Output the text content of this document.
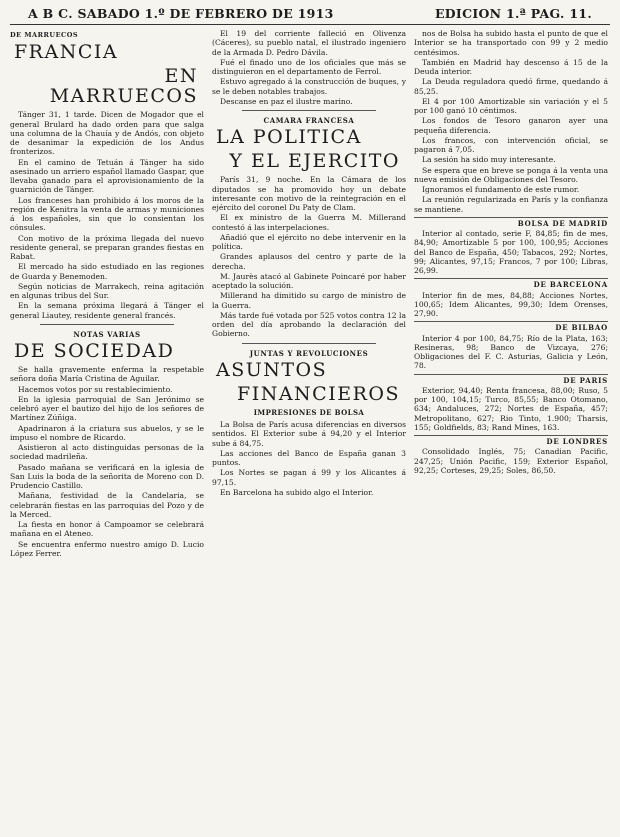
A B C. SABADO 1.º DE FEBRERO DE 1913	EDICION 1.ª PAG. 11.
DE MARRUECOS
FRANCIA
EN MARRUECOS

Tánger 31, 1 tarde. Dicen de Mogador que el general Brulard ha dado orden para que salga una columna de la Chauía y de Andós, con objeto de desanimar la expedición de los Andus fronterizos.

En el camino de Tetuán á Tánger ha sido asesinado un arriero español llamado Gaspar, que llevaba ganado para el aprovisionamiento de la guarnición de Tánger.

Los franceses han prohibido á los moros de la región de Kenitra la venta de armas y municiones á los españoles, sin que lo consientan los cónsules.

Con motivo de la próxima llegada del nuevo residente general, se preparan grandes fiestas en Rabat.

El mercado ha sido estudiado en las regiones de Guarda y Benemoden.

Según noticias de Marrakech, reina agitación en algunas tribus del Sur.

En la semana próxima llegará á Tánger el general Liautey, residente general francés.

NOTAS VARIAS
DE SOCIEDAD

Se halla gravemente enferma la respetable señora doña María Cristina de Aguilar.

Hacemos votos por su restablecimiento.

En la iglesia parroquial de San Jerónimo se celebró ayer el bautizo del hijo de los señores de Martínez Zúñiga.

Apadrinaron á la criatura sus abuelos, y se le impuso el nombre de Ricardo.

Asistieron al acto distinguidas personas de la sociedad madrileña.

Pasado mañana se verificará en la iglesia de San Luis la boda de la señorita de Moreno con D. Prudencio Castillo.

Mañana, festividad de la Candelaria, se celebrarán fiestas en las parroquias del Pozo y de la Merced.

La fiesta en honor á Campoamor se celebrará mañana en el Ateneo.

Se encuentra enfermo nuestro amigo D. Lucio López Ferrer.

El 19 del corriente falleció en Olivenza (Cáceres), su pueblo natal, el ilustrado ingeniero de la Armada D. Pedro Dávila.

Fué el finado uno de los oficiales que más se distinguieron en el departamento de Ferrol.

Estuvo agregado á la construcción de buques, y se le deben notables trabajos.

Descanse en paz el ilustre marino.

CAMARA FRANCESA
LA POLITICA
Y EL EJERCITO

París 31, 9 noche. En la Cámara de los diputados se ha promovido hoy un debate interesante con motivo de la reintegración en el ejército del coronel Du Paty de Clam.

El ex ministro de la Guerra M. Millerand contestó á las interpelaciones.

Añadió que el ejército no debe intervenir en la política.

Grandes aplausos del centro y parte de la derecha.

M. Jaurès atacó al Gabinete Poincaré por haber aceptado la solución.

Millerand ha dimitido su cargo de ministro de la Guerra.

Más tarde fué votada por 525 votos contra 12 la orden del día aprobando la declaración del Gobierno.

JUNTAS Y REVOLUCIONES
ASUNTOS
FINANCIEROS
IMPRESIONES DE BOLSA

La Bolsa de París acusa diferencias en diversos sentidos. El Exterior sube á 94,20 y el Interior sube á 84,75.

Las acciones del Banco de España ganan 3 puntos.

Los Nortes se pagan á 99 y los Alicantes á 97,15.

En Barcelona ha subido algo el Interior.

nos de Bolsa ha subido hasta el punto de que el Interior se ha transportado con 99 y 2 medio centésimos.

También en Madrid hay descenso á 15 de la Deuda interior.

La Deuda reguladora quedó firme, quedando á 85,25.

El 4 por 100 Amortizable sin variación y el 5 por 100 ganó 10 céntimos.

Los fondos de Tesoro ganaron ayer una pequeña diferencia.

Los francos, con intervención oficial, se pagaron á 7,05.

La sesión ha sido muy interesante.

Se espera que en breve se ponga á la venta una nueva emisión de Obligaciones del Tesoro.

Ignoramos el fundamento de este rumor.

La reunión regularizada en París y la confianza se mantiene.

BOLSA DE MADRID

Interior al contado, serie F, 84,85; fin de mes, 84,90; Amortizable 5 por 100, 100,95; Acciones del Banco de España, 450; Tabacos, 292; Nortes, 99; Alicantes, 97,15; Francos, 7 por 100; Libras, 26,99.

DE BARCELONA

Interior fin de mes, 84,88; Acciones Nortes, 100,65; Idem Alicantes, 99,30; Idem Orenses, 27,90.

DE BILBAO

Interior 4 por 100, 84,75; Río de la Plata, 163; Resineras, 98; Banco de Vizcaya, 276; Obligaciones del F. C. Asturias, Galicia y León, 78.

DE PARIS

Exterior, 94,40; Renta francesa, 88,00; Ruso, 5 por 100, 104,15; Turco, 85,55; Banco Otomano, 634; Andaluces, 272; Nortes de España, 457; Metropolitano, 627; Rio Tinto, 1.900; Tharsis, 155; Goldfields, 83; Rand Mines, 163.

DE LONDRES

Consolidado Inglés, 75; Canadian Pacific, 247,25; Unión Pacific, 159; Exterior Español, 92,25; Corteses, 29,25; Soles, 86,50.
